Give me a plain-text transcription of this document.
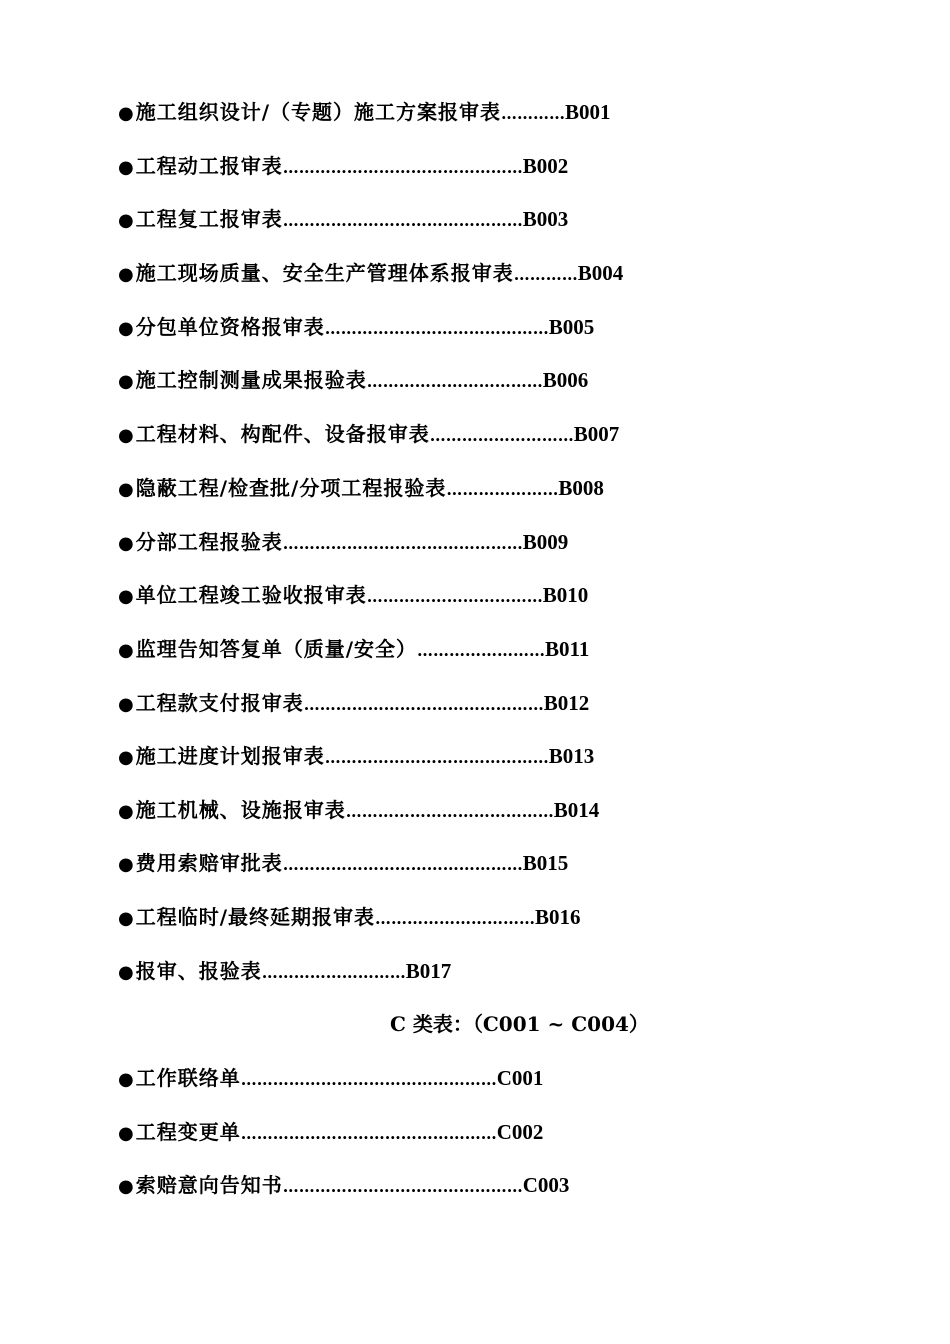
●施工组织设计/（专题）施工方案报审表…………B001
●工程动工报审表………………………………………B002
●工程复工报审表………………………………………B003
●施工现场质量、安全生产管理体系报审表…………B004
●分包单位资格报审表……………………………………B005
●施工控制测量成果报验表……………………………B006
●工程材料、构配件、设备报审表………………………B007
●隐蔽工程/检查批/分项工程报验表…………………B008
●分部工程报验表………………………………………B009
●单位工程竣工验收报审表……………………………B010
●监理告知答复单（质量/安全）……………………B011
●工程款支付报审表………………………………………B012
●施工进度计划报审表……………………………………B013
●施工机械、设施报审表…………………………………B014
●费用索赔审批表………………………………………B015
●工程临时/最终延期报审表…………………………B016
●报审、报验表………………………B017
C 类表：（C001 ~ C004）
●工作联络单…………………………………………C001
●工程变更单…………………………………………C002
●索赔意向告知书………………………………………C003
